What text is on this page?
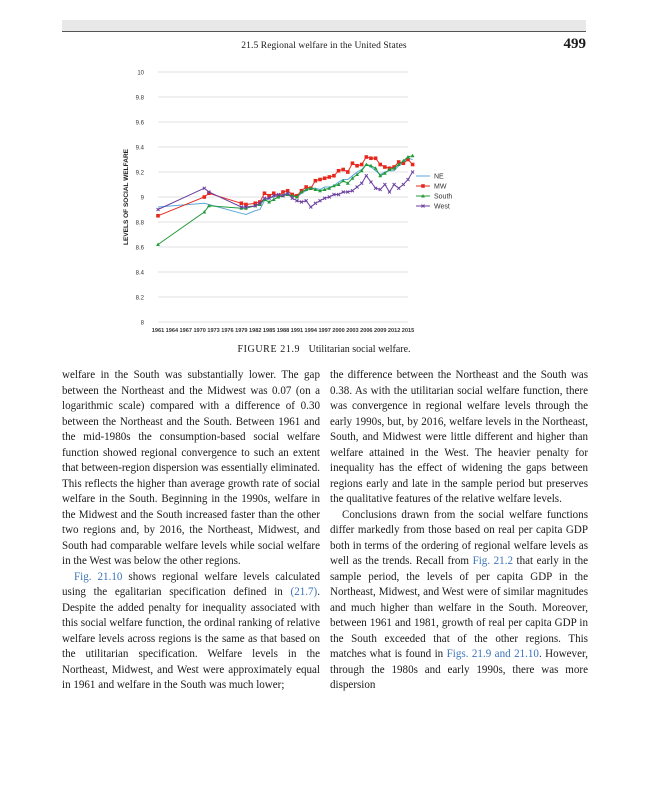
21.5 Regional welfare in the United States	499
8
8.2
8.4
8.6
8.8
9
9.2
9.4
9.6
9.8
10
1961 1964 1967 1970 1973 1976 1979 1982 1985 1988 1991 1994 1997 2000 2003 2006 2009 2012 2015
LEVELS OF SOCIAL WELFARE	NE
MW
South
West
FIGURE 21.9 Utilitarian social welfare.

welfare in the South was substantially lower. The gap between the Northeast and the Midwest was 0.07 (on a logarithmic scale) compared with a difference of 0.30 between the Northeast and the South. Between 1961 and the mid-1980s the consumption-based social welfare function showed regional convergence to such an extent that between-region dispersion was essentially eliminated. This reflects the higher than average growth rate of social welfare in the South. Beginning in the 1990s, welfare in the Midwest and the South increased faster than the other two regions and, by 2016, the Northeast, Midwest, and South had comparable welfare levels while social welfare in the West was below the other regions.

Fig. 21.10 shows regional welfare levels calculated using the egalitarian specification defined in (21.7). Despite the added penalty for inequality associated with this social welfare function, the ordinal ranking of relative welfare levels across regions is the same as that based on the utilitarian specification. Welfare levels in the Northeast, Midwest, and West were approximately equal in 1961 and welfare in the South was much lower;

the difference between the Northeast and the South was 0.38. As with the utilitarian social welfare function, there was convergence in regional welfare levels through the early 1990s, but, by 2016, welfare levels in the Northeast, South, and Midwest were little different and higher than welfare attained in the West. The heavier penalty for inequality has the effect of widening the gaps between regions early and late in the sample period but preserves the qualitative features of the relative welfare levels.

Conclusions drawn from the social welfare functions differ markedly from those based on real per capita GDP both in terms of the ordering of regional welfare levels as well as the trends. Recall from Fig. 21.2 that early in the sample period, the levels of per capita GDP in the Northeast, Midwest, and West were of similar magnitudes and much higher than welfare in the South. Moreover, between 1961 and 1981, growth of real per capita GDP in the South exceeded that of the other regions. This matches what is found in Figs. 21.9 and 21.10. However, through the 1980s and early 1990s, there was more dispersion
